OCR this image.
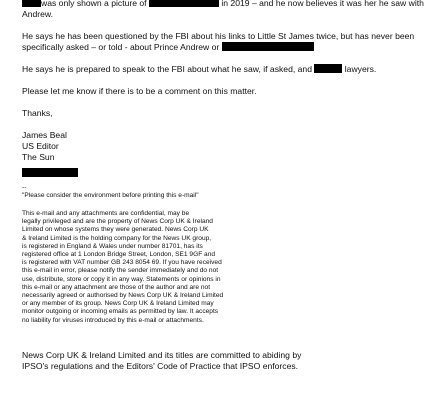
was only shown a picture of	in 2019 – and he now believes it was her he saw with
Andrew.
He says he has been questioned by the FBI about his links to Little St James twice, but has never been
specifically asked – or told - about Prince Andrew or
He says he is prepared to speak to the FBI about what he saw, if asked, and	lawyers.
Please let me know if there is to be a comment on this matter.
Thanks,
James Beal
US Editor
The Sun
--
"Please consider the environment before printing this e-mail"
This e-mail and any attachments are confidential, may be
legally privileged and are the property of News Corp UK & Ireland
Limited on whose systems they were generated. News Corp UK
& Ireland Limited is the holding company for the News UK group,
is registered in England & Wales under number 81701, has its
registered office at 1 London Bridge Street, London, SE1 9GF and
is registered with VAT number GB 243 8054 69. If you have received
this e-mail in error, please notify the sender immediately and do not
use, distribute, store or copy it in any way. Statements or opinions in
this e-mail or any attachment are those of the author and are not
necessarily agreed or authorised by News Corp UK & Ireland Limited
or any member of its group. News Corp UK & Ireland Limited may
monitor outgoing or incoming emails as permitted by law. It accepts
no liability for viruses introduced by this e-mail or attachments.
News Corp UK & Ireland Limited and its titles are committed to abiding by
IPSO's regulations and the Editors' Code of Practice that IPSO enforces.
